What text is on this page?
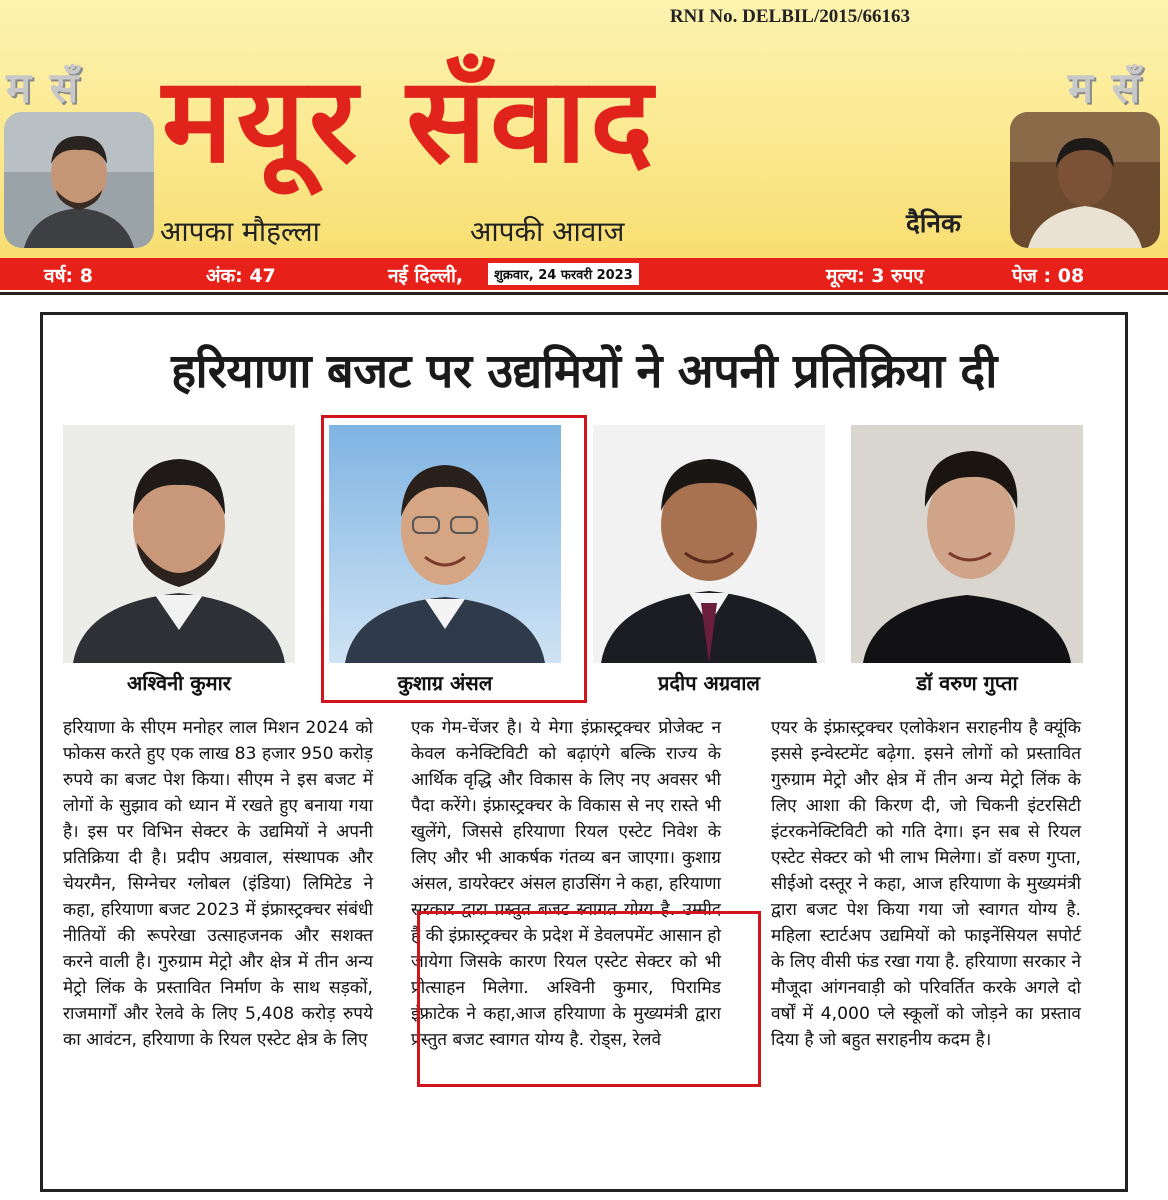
RNI No. DELBIL/2015/66163
म सँ	म सँ
मयूर सँवाद
आपका मौहल्ला	आपकी आवाज	दैनिक
वर्ष: 8	अंक: 47	नई दिल्ली,	शुक्रवार, 24 फरवरी 2023	मूल्य: 3 रुपए	पेज : 08
हरियाणा बजट पर उद्यमियों ने अपनी प्रतिक्रिया दी
अश्विनी कुमार	कुशाग्र अंसल	प्रदीप अग्रवाल	डॉ वरुण गुप्ता

हरियाणा के सीएम मनोहर लाल मिशन 2024 को फोकस करते हुए एक लाख 83 हजार 950 करोड़ रुपये का बजट पेश किया। सीएम ने इस बजट में लोगों के सुझाव को ध्यान में रखते हुए बनाया गया है। इस पर विभिन सेक्टर के उद्यमियों ने अपनी प्रतिक्रिया दी है। प्रदीप अग्रवाल, संस्थापक और चेयरमैन, सिग्नेचर ग्लोबल (इंडिया) लिमिटेड ने कहा, हरियाणा बजट 2023 में इंफ्रास्ट्रक्चर संबंधी नीतियों की रूपरेखा उत्साहजनक और सशक्त करने वाली है। गुरुग्राम मेट्रो और क्षेत्र में तीन अन्य मेट्रो लिंक के प्रस्तावित निर्माण के साथ सड़कों, राजमार्गों और रेलवे के लिए 5,408 करोड़ रुपये का आवंटन, हरियाणा के रियल एस्टेट क्षेत्र के लिए

एक गेम-चेंजर है। ये मेगा इंफ्रास्ट्रक्चर प्रोजेक्ट न केवल कनेक्टिविटी को बढ़ाएंगे बल्कि राज्य के आर्थिक वृद्धि और विकास के लिए नए अवसर भी पैदा करेंगे। इंफ्रास्ट्रक्चर के विकास से नए रास्ते भी खुलेंगे, जिससे हरियाणा रियल एस्टेट निवेश के लिए और भी आकर्षक गंतव्य बन जाएगा। कुशाग्र अंसल, डायरेक्टर अंसल हाउसिंग ने कहा, हरियाणा सरकार द्वारा प्रस्तुत बजट स्वागत योग्य है. उम्मीद है की इंफ्रास्ट्रक्चर के प्रदेश में डेवलपमेंट आसान हो जायेगा जिसके कारण रियल एस्टेट सेक्टर को भी प्रोत्साहन मिलेगा. अश्विनी कुमार, पिरामिड इंफ्राटेक ने कहा,आज हरियाणा के मुख्यमंत्री द्वारा प्रस्तुत बजट स्वागत योग्य है. रोड्स, रेलवे

एयर के इंफ्रास्ट्रक्चर एलोकेशन सराहनीय है क्यूंकि इससे इन्वेस्टमेंट बढ़ेगा. इसने लोगों को प्रस्तावित गुरुग्राम मेट्रो और क्षेत्र में तीन अन्य मेट्रो लिंक के लिए आशा की किरण दी, जो चिकनी इंटरसिटी इंटरकनेक्टिविटी को गति देगा। इन सब से रियल एस्टेट सेक्टर को भी लाभ मिलेगा। डॉ वरुण गुप्ता, सीईओ दस्तूर ने कहा, आज हरियाणा के मुख्यमंत्री द्वारा बजट पेश किया गया जो स्वागत योग्य है. महिला स्टार्टअप उद्यमियों को फाइनेंसियल सपोर्ट के लिए वीसी फंड रखा गया है. हरियाणा सरकार ने मौजूदा आंगनवाड़ी को परिवर्तित करके अगले दो वर्षों में 4,000 प्ले स्कूलों को जोड़ने का प्रस्ताव दिया है जो बहुत सराहनीय कदम है।
